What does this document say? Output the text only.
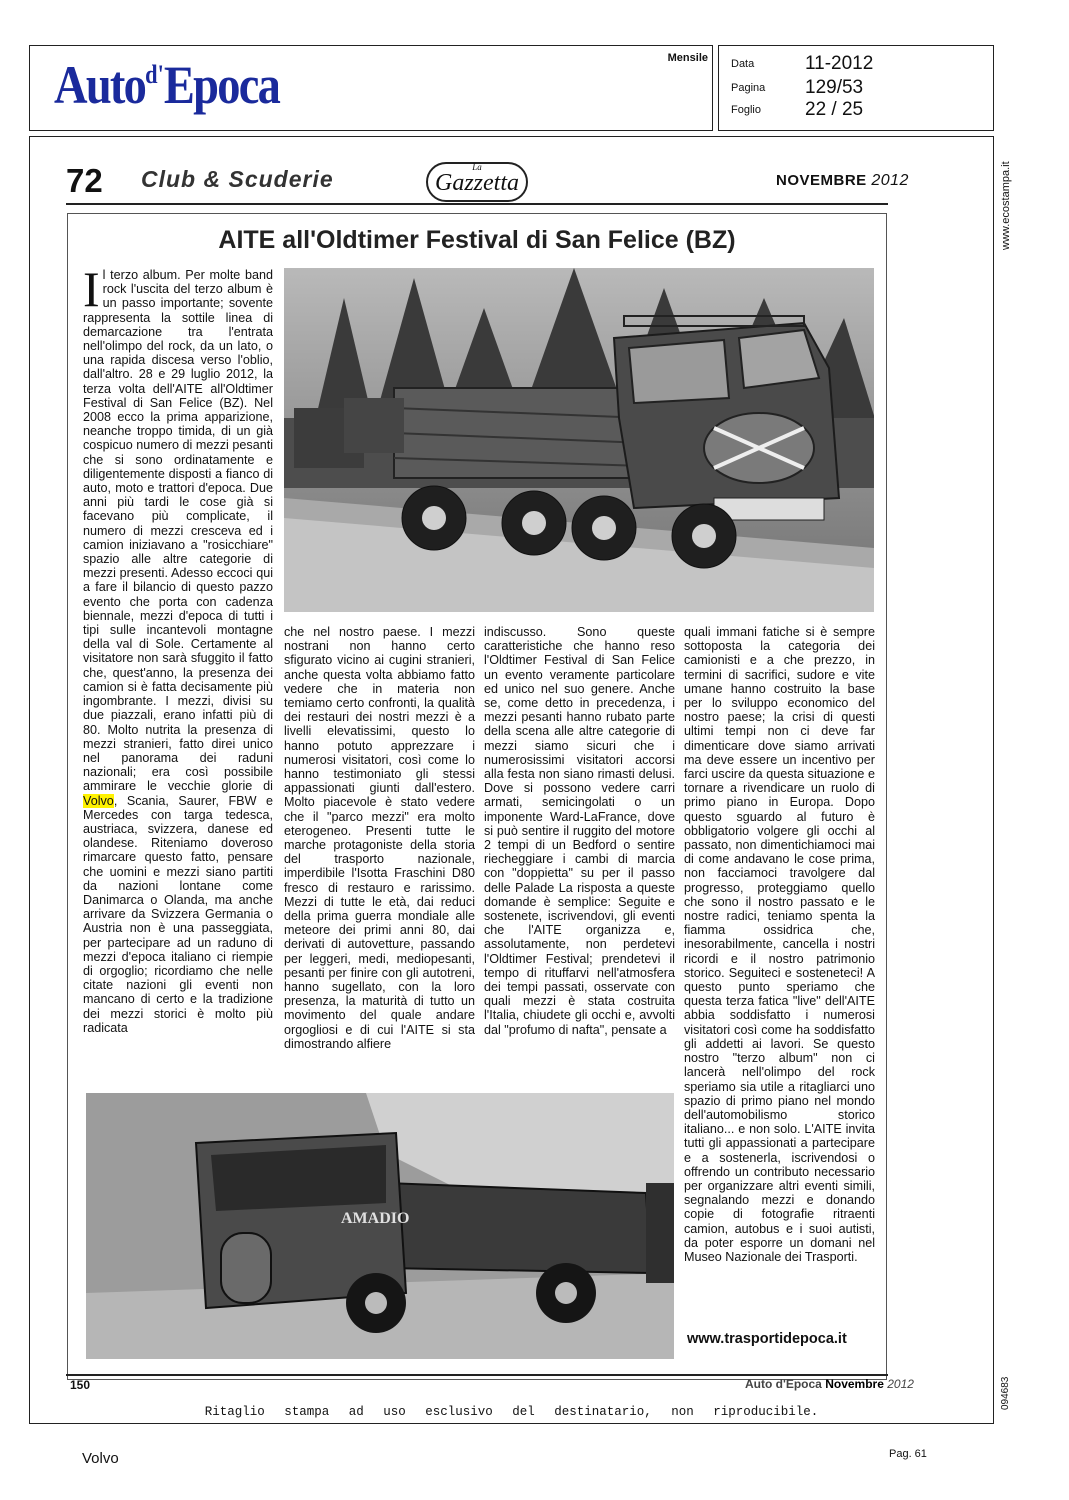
Auto$^{d'}$Epoca	Mensile Data	11-2012
Pagina 129/53
Foglio 22 / 25
www.ecostampa.it
094683
72 Club & Scuderie	La
Gazzetta	NOVEMBRE 2012
AITE all'Oldtimer Festival di San Felice (BZ)

Il terzo album. Per molte band rock l'uscita del terzo album è un passo importante; sovente rappresenta la sottile linea di demarcazione tra l'entrata nell'olimpo del rock, da un lato, o una rapida discesa verso l'oblio, dall'altro. 28 e 29 luglio 2012, la terza volta dell'AITE all'Oldtimer Festival di San Felice (BZ). Nel 2008 ecco la prima apparizione, neanche troppo timida, di un già cospicuo numero di mezzi pesanti che si sono ordinatamente e diligentemente disposti a fianco di auto, moto e trattori d'epoca. Due anni più tardi le cose già si facevano più complicate, il numero di mezzi cresceva ed i camion iniziavano a "rosicchiare" spazio alle altre categorie di mezzi presenti. Adesso eccoci qui a fare il bilancio di questo pazzo evento che porta con cadenza biennale, mezzi d'epoca di tutti i tipi sulle incantevoli montagne della val di Sole. Certamente al visitatore non sarà sfuggito il fatto che, quest'anno, la presenza dei camion si è fatta decisamente più ingombrante. I mezzi, divisi su due piazzali, erano infatti più di 80. Molto nutrita la presenza di mezzi stranieri, fatto direi unico nel panorama dei raduni nazionali; era così possibile ammirare le vecchie glorie di Volvo, Scania, Saurer, FBW e Mercedes con targa tedesca, austriaca, svizzera, danese ed olandese. Riteniamo doveroso rimarcare questo fatto, pensare che uomini e mezzi siano partiti da nazioni lontane come Danimarca o Olanda, ma anche arrivare da Svizzera Germania o Austria non è una passeggiata, per partecipare ad un raduno di mezzi d'epoca italiano ci riempie di orgoglio; ricordiamo che nelle citate nazioni gli eventi non mancano di certo e la tradizione dei mezzi storici è molto più radicata

che nel nostro paese. I mezzi nostrani non hanno certo sfigurato vicino ai cugini stranieri, anche questa volta abbiamo fatto vedere che in materia non temiamo certo confronti, la qualità dei restauri dei nostri mezzi è a livelli elevatissimi, questo lo hanno potuto apprezzare i numerosi visitatori, così come lo hanno testimoniato gli stessi appassionati giunti dall'estero. Molto piacevole è stato vedere che il "parco mezzi" era molto eterogeneo. Presenti tutte le marche protagoniste della storia del trasporto nazionale, imperdibile l'Isotta Fraschini D80 fresco di restauro e rarissimo. Mezzi di tutte le età, dai reduci della prima guerra mondiale alle meteore dei primi anni 80, dai derivati di autovetture, passando per leggeri, medi, mediopesanti, pesanti per finire con gli autotreni, hanno sugellato, con la loro presenza, la maturità di tutto un movimento del quale andare orgogliosi e di cui l'AITE si sta dimostrando alfiere

indiscusso. Sono queste caratteristiche che hanno reso l'Oldtimer Festival di San Felice un evento veramente particolare ed unico nel suo genere. Anche se, come detto in precedenza, i mezzi pesanti hanno rubato parte della scena alle altre categorie di mezzi siamo sicuri che i numerosissimi visitatori accorsi alla festa non siano rimasti delusi. Dove si possono vedere carri armati, semicingolati o un imponente Ward-LaFrance, dove si può sentire il ruggito del motore 2 tempi di un Bedford o sentire riecheggiare i cambi di marcia con "doppietta" su per il passo delle Palade La risposta a queste domande è semplice: Seguite e sostenete, iscrivendovi, gli eventi che l'AITE organizza e, assolutamente, non perdetevi l'Oldtimer Festival; prendetevi il tempo di rituffarvi nell'atmosfera dei tempi passati, osservate con quali mezzi è stata costruita l'Italia, chiudete gli occhi e, avvolti dal "profumo di nafta", pensate a

quali immani fatiche si è sempre sottoposta la categoria dei camionisti e a che prezzo, in termini di sacrifici, sudore e vite umane hanno costruito la base per lo sviluppo economico del nostro paese; la crisi di questi ultimi tempi non ci deve far dimenticare dove siamo arrivati ma deve essere un incentivo per farci uscire da questa situazione e tornare a rivendicare un ruolo di primo piano in Europa. Dopo questo sguardo al futuro è obbligatorio volgere gli occhi al passato, non dimentichiamoci mai di come andavano le cose prima, non facciamoci travolgere dal progresso, proteggiamo quello che sono il nostro passato e le nostre radici, teniamo spenta la fiamma ossidrica che, inesorabilmente, cancella i nostri ricordi e il nostro patrimonio storico. Seguiteci e sosteneteci! A questo punto speriamo che questa terza fatica "live" dell'AITE abbia soddisfatto i numerosi visitatori così come ha soddisfatto gli addetti ai lavori. Se questo nostro "terzo album" non ci lancerà nell'olimpo del rock speriamo sia utile a ritagliarci uno spazio di primo piano nel mondo dell'automobilismo storico italiano... e non solo. L'AITE invita tutti gli appassionati a partecipare e a sostenerla, iscrivendosi o offrendo un contributo necessario per organizzare altri eventi simili, segnalando mezzi e donando copie di fotografie ritraenti camion, autobus e i suoi autisti, da poter esporre un domani nel Museo Nazionale dei Trasporti.

www.trasportidepoca.it
AMADIO
150	Auto d'Epoca Novembre 2012
Ritaglio stampa ad uso esclusivo del destinatario, non riproducibile.
Volvo	Pag. 61
